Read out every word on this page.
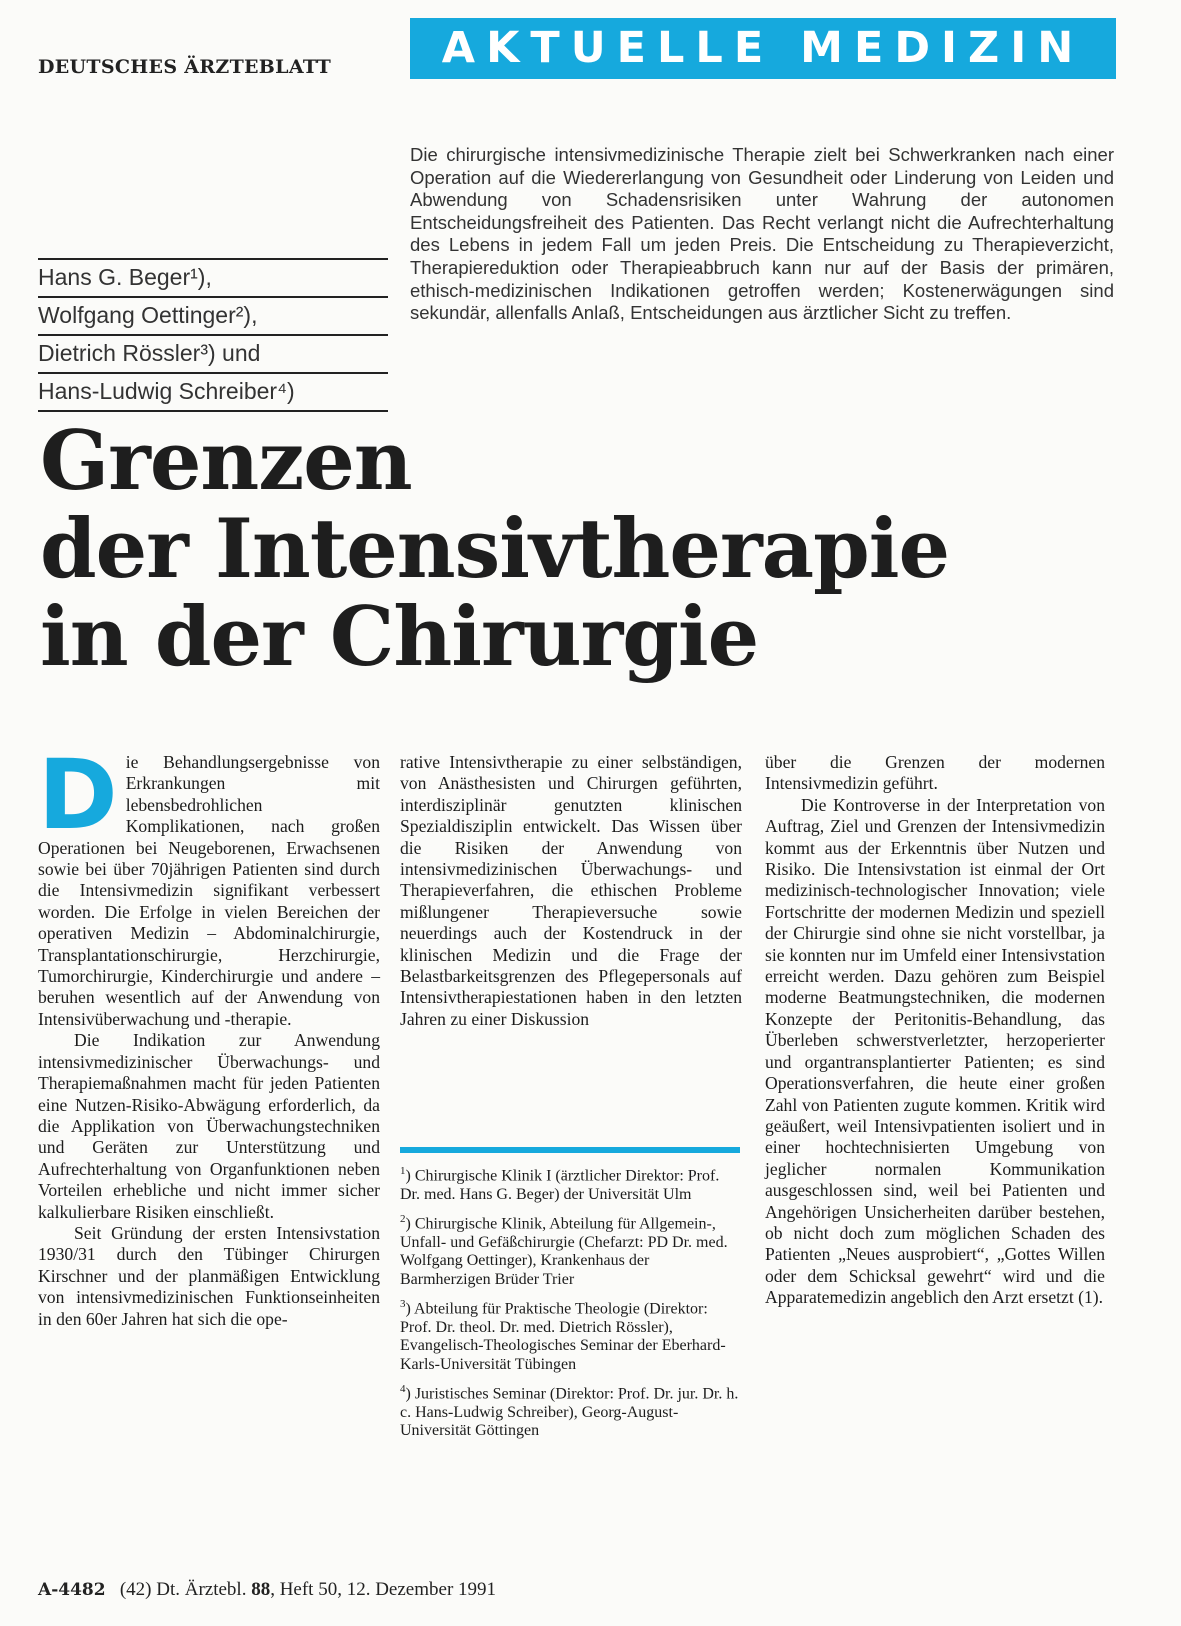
DEUTSCHES ÄRZTEBLATT	AKTUELLE MEDIZIN
Hans G. Beger¹),
Wolfgang Oettinger²),
Dietrich Rössler³) und
Hans-Ludwig Schreiber⁴)
Die chirurgische intensivmedizinische Therapie zielt bei Schwerkranken nach einer Operation auf die Wiedererlangung von Gesundheit oder Linderung von Leiden und Abwendung von Schadensrisiken unter Wahrung der autonomen Entscheidungsfreiheit des Patienten. Das Recht verlangt nicht die Aufrechterhaltung des Lebens in jedem Fall um jeden Preis. Die Entscheidung zu Therapieverzicht, Therapiereduktion oder Therapieabbruch kann nur auf der Basis der primären, ethisch-medizinischen Indikationen getroffen werden; Kostenerwägungen sind sekundär, allenfalls Anlaß, Entscheidungen aus ärztlicher Sicht zu treffen.
Grenzen
der Intensivtherapie
in der Chirurgie
D ie Behandlungsergebnisse von Erkrankungen mit lebensbedrohlichen Komplikationen, nach großen Operationen bei Neugeborenen, Erwachsenen sowie bei über 70jährigen Patienten sind durch die Intensivmedizin signifikant verbessert worden. Die Erfolge in vielen Bereichen der operativen Medizin – Abdominalchirurgie, Transplantationschirurgie, Herzchirurgie, Tumorchirurgie, Kinderchirurgie und andere – beruhen wesentlich auf der Anwendung von Intensivüberwachung und -therapie.

Die Indikation zur Anwendung intensivmedizinischer Überwachungs- und Therapiemaßnahmen macht für jeden Patienten eine Nutzen-Risiko-Abwägung erforderlich, da die Applikation von Überwachungstechniken und Geräten zur Unterstützung und Aufrechterhaltung von Organfunktionen neben Vorteilen erhebliche und nicht immer sicher kalkulierbare Risiken einschließt.

Seit Gründung der ersten Intensivstation 1930/31 durch den Tübinger Chirurgen Kirschner und der planmäßigen Entwicklung von intensivmedizinischen Funktionseinheiten in den 60er Jahren hat sich die ope-

rative Intensivtherapie zu einer selbständigen, von Anästhesisten und Chirurgen geführten, interdisziplinär genutzten klinischen Spezialdisziplin entwickelt. Das Wissen über die Risiken der Anwendung von intensivmedizinischen Überwachungs- und Therapieverfahren, die ethischen Probleme mißlungener Therapieversuche sowie neuerdings auch der Kostendruck in der klinischen Medizin und die Frage der Belastbarkeitsgrenzen des Pflegepersonals auf Intensivtherapiestationen haben in den letzten Jahren zu einer Diskussion

$^1$) Chirurgische Klinik I (ärztlicher Direktor: Prof. Dr. med. Hans G. Beger) der Universität Ulm

$^2$) Chirurgische Klinik, Abteilung für Allgemein-, Unfall- und Gefäßchirurgie (Chefarzt: PD Dr. med. Wolfgang Oettinger), Krankenhaus der Barmherzigen Brüder Trier

$^3$) Abteilung für Praktische Theologie (Direktor: Prof. Dr. theol. Dr. med. Dietrich Rössler), Evangelisch-Theologisches Seminar der Eberhard-Karls-Universität Tübingen

$^4$) Juristisches Seminar (Direktor: Prof. Dr. jur. Dr. h. c. Hans-Ludwig Schreiber), Georg-August-Universität Göttingen

über die Grenzen der modernen Intensivmedizin geführt.

Die Kontroverse in der Interpretation von Auftrag, Ziel und Grenzen der Intensivmedizin kommt aus der Erkenntnis über Nutzen und Risiko. Die Intensivstation ist einmal der Ort medizinisch-technologischer Innovation; viele Fortschritte der modernen Medizin und speziell der Chirurgie sind ohne sie nicht vorstellbar, ja sie konnten nur im Umfeld einer Intensivstation erreicht werden. Dazu gehören zum Beispiel moderne Beatmungstechniken, die modernen Konzepte der Peritonitis-Behandlung, das Überleben schwerstverletzter, herzoperierter und organtransplantierter Patienten; es sind Operationsverfahren, die heute einer großen Zahl von Patienten zugute kommen. Kritik wird geäußert, weil Intensivpatienten isoliert und in einer hochtechnisierten Umgebung von jeglicher normalen Kommunikation ausgeschlossen sind, weil bei Patienten und Angehörigen Unsicherheiten darüber bestehen, ob nicht doch zum möglichen Schaden des Patienten „Neues ausprobiert“, „Gottes Willen oder dem Schicksal gewehrt“ wird und die Apparatemedizin angeblich den Arzt ersetzt (1).

A-4482 (42) Dt. Ärztebl. 88, Heft 50, 12. Dezember 1991
